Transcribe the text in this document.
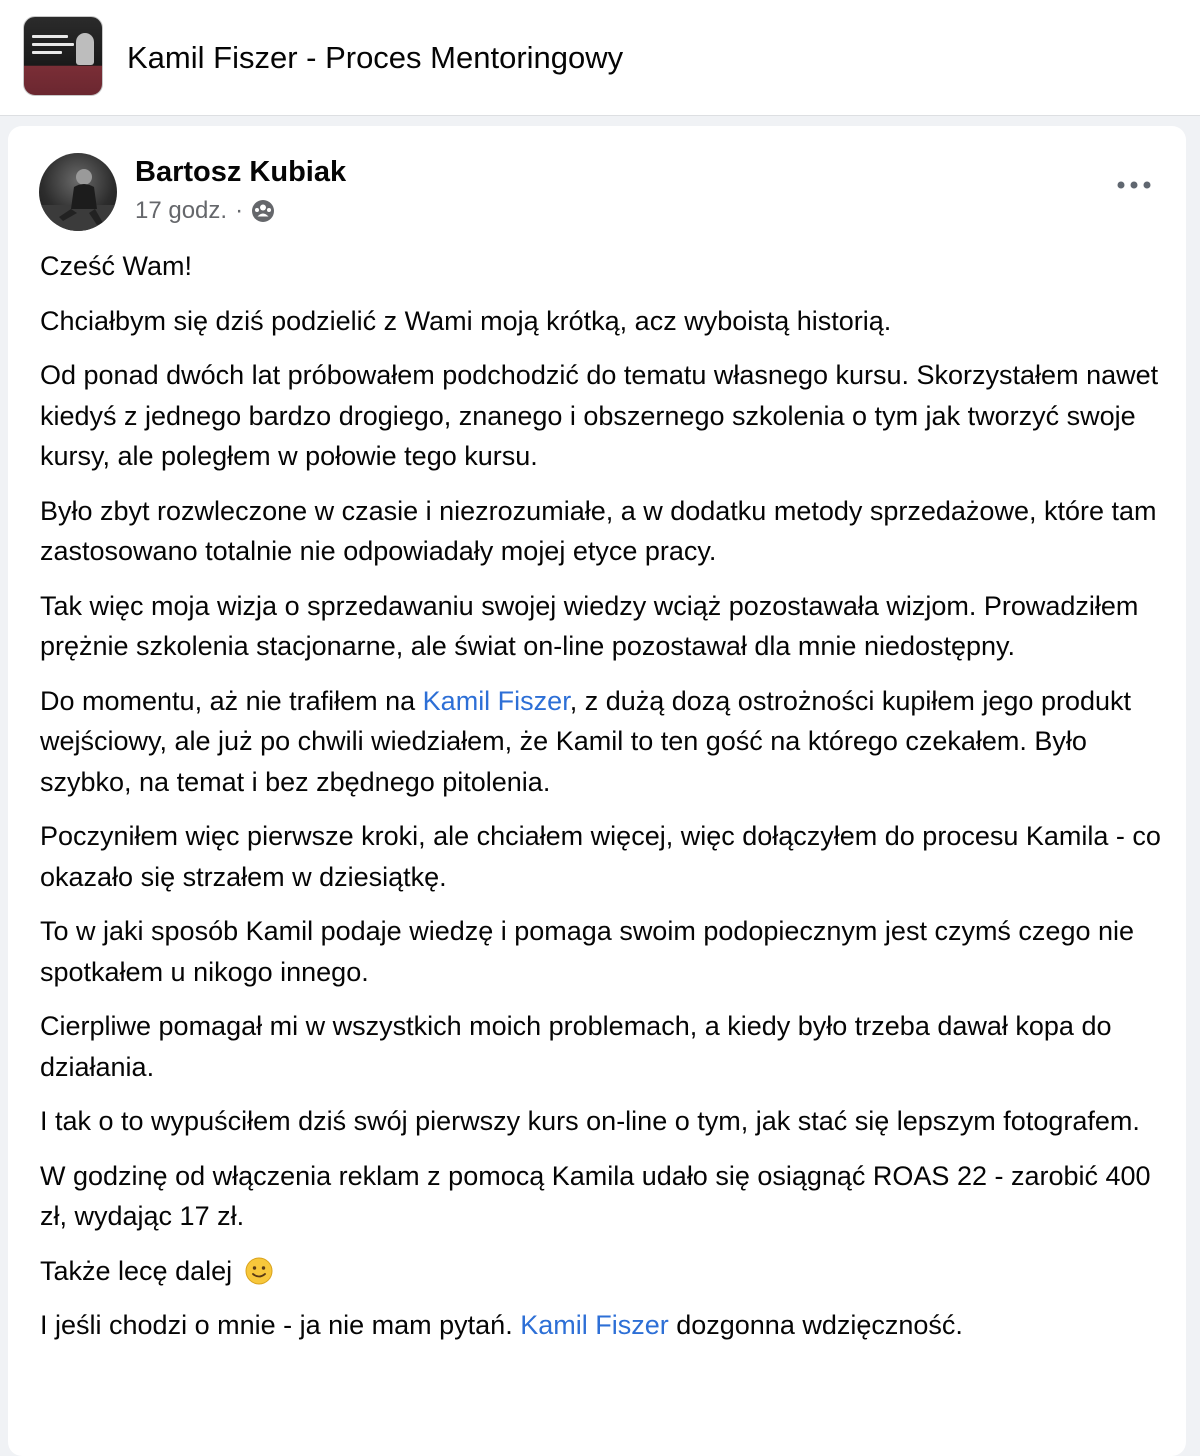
Kamil Fiszer - Proces Mentoringowy
Bartosz Kubiak
17 godz. ·

Cześć Wam!

Chciałbym się dziś podzielić z Wami moją krótką, acz wyboistą historią.

Od ponad dwóch lat próbowałem podchodzić do tematu własnego kursu. Skorzystałem nawet kiedyś z jednego bardzo drogiego, znanego i obszernego szkolenia o tym jak tworzyć swoje kursy, ale poległem w połowie tego kursu.

Było zbyt rozwleczone w czasie i niezrozumiałe, a w dodatku metody sprzedażowe, które tam zastosowano totalnie nie odpowiadały mojej etyce pracy.

Tak więc moja wizja o sprzedawaniu swojej wiedzy wciąż pozostawała wizjom. Prowadziłem prężnie szkolenia stacjonarne, ale świat on-line pozostawał dla mnie niedostępny.

Do momentu, aż nie trafiłem na Kamil Fiszer, z dużą dozą ostrożności kupiłem jego produkt wejściowy, ale już po chwili wiedziałem, że Kamil to ten gość na którego czekałem. Było szybko, na temat i bez zbędnego pitolenia.

Poczyniłem więc pierwsze kroki, ale chciałem więcej, więc dołączyłem do procesu Kamila - co okazało się strzałem w dziesiątkę.

To w jaki sposób Kamil podaje wiedzę i pomaga swoim podopiecznym jest czymś czego nie spotkałem u nikogo innego.

Cierpliwe pomagał mi w wszystkich moich problemach, a kiedy było trzeba dawał kopa do działania.

I tak o to wypuściłem dziś swój pierwszy kurs on-line o tym, jak stać się lepszym fotografem.

W godzinę od włączenia reklam z pomocą Kamila udało się osiągnąć ROAS 22 - zarobić 400 zł, wydając 17 zł.

Także lecę dalej

I jeśli chodzi o mnie - ja nie mam pytań. Kamil Fiszer dozgonna wdzięczność.
